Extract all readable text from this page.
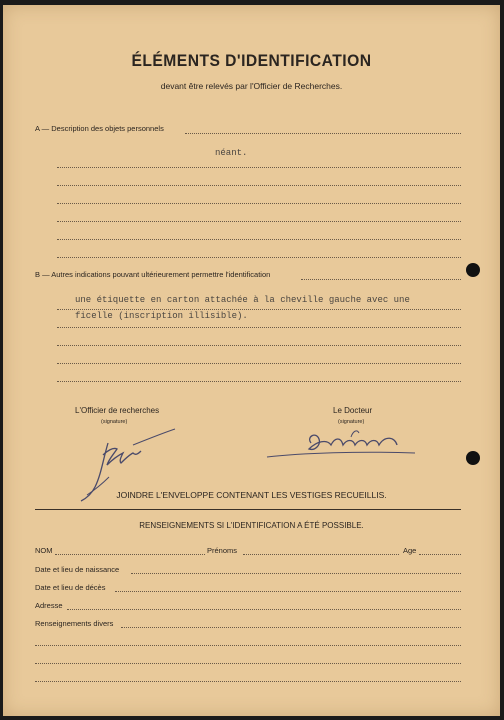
ÉLÉMENTS D'IDENTIFICATION
devant être relevés par l'Officier de Recherches.
A — Description des objets personnels
néant.
B — Autres indications pouvant ultérieurement permettre l'identification
une étiquette en carton attachée à la cheville gauche avec une
ficelle (inscription illisible).
L'Officier de recherches
(signature)
Le Docteur
(signature)
JOINDRE L'ENVELOPPE CONTENANT LES VESTIGES RECUEILLIS.
RENSEIGNEMENTS SI L'IDENTIFICATION A ÉTÉ POSSIBLE.
NOM	Prénoms	Age
Date et lieu de naissance
Date et lieu de décès
Adresse
Renseignements divers
